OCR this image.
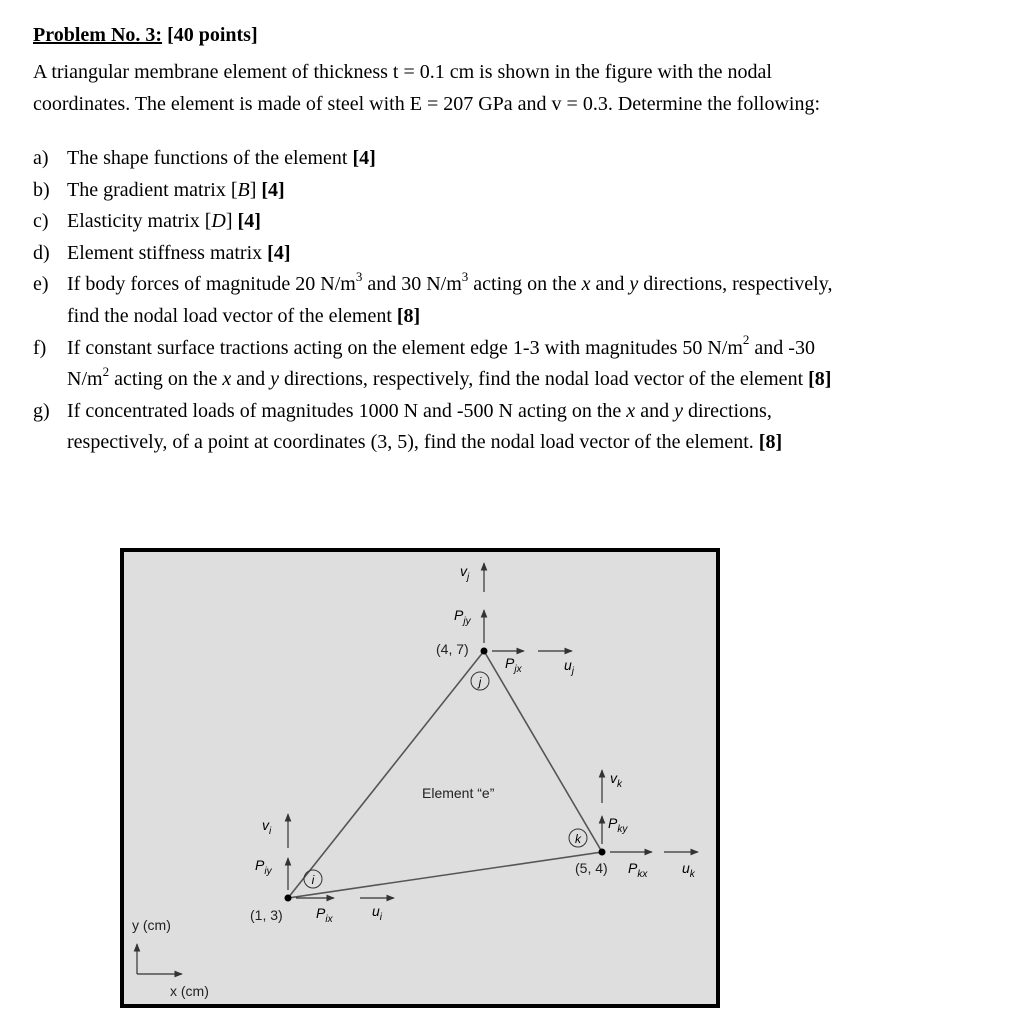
Problem No. 3: [40 points]
A triangular membrane element of thickness t = 0.1 cm is shown in the figure with the nodal
coordinates. The element is made of steel with E = 207 GPa and v = 0.3. Determine the following:
a) The shape functions of the element [4]
b) The gradient matrix [B] [4]
c) Elasticity matrix [D] [4]
d) Element stiffness matrix [4]
e) If body forces of magnitude 20 $N/m^3$ and 30 $N/m^3$ acting on the x and y directions, respectively,
find the nodal load vector of the element [8]
f)	If constant surface tractions acting on the element edge 1-3 with magnitudes 50 $N/m^2$ and -30
$N/m^2$ acting on the x and y directions, respectively, find the nodal load vector of the element [8]
g) If concentrated loads of magnitudes 1000 N and -500 N acting on the x and y directions,
respectively, of a point at coordinates (3, 5), find the nodal load vector of the element. [8]
i
j
k
(1, 3)
(4, 7)
(5, 4)
Element “e”
$P_{iy}$
$v_i$
$P_{ix}$
$u_i$
$P_{jy}$
$v_j$
$P_{jx}$	$u_j$
$P_{ky}$
$v_k$
$P_{kx}$ $u_k$
y (cm)
x (cm)
